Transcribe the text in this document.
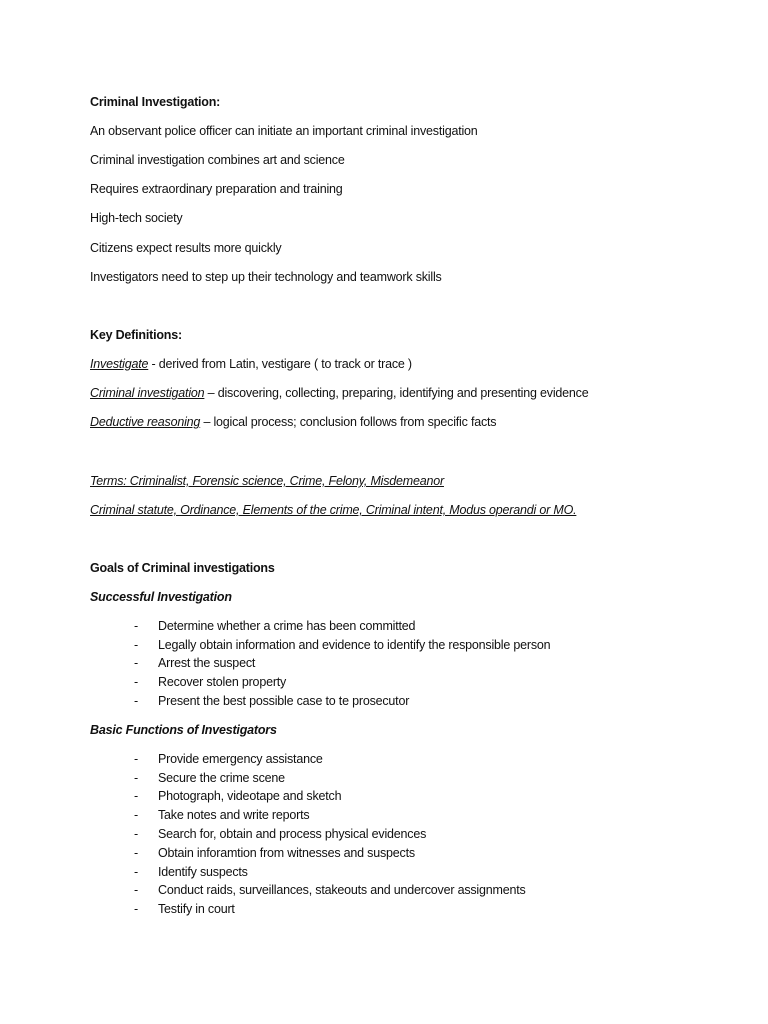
Criminal Investigation:
An observant police officer can initiate an important criminal investigation
Criminal investigation combines art and science
Requires extraordinary preparation and training
High-tech society
Citizens expect results more quickly
Investigators need to step up their technology and teamwork skills
Key Definitions:
Investigate - derived from Latin, vestigare ( to track or trace )
Criminal investigation – discovering, collecting, preparing, identifying and presenting evidence
Deductive reasoning – logical process; conclusion follows from specific facts
Terms: Criminalist, Forensic science, Crime, Felony, Misdemeanor
Criminal statute, Ordinance, Elements of the crime, Criminal intent, Modus operandi or MO.
Goals of Criminal investigations
Successful Investigation
- Determine whether a crime has been committed
- Legally obtain information and evidence to identify the responsible person
- Arrest the suspect
- Recover stolen property
- Present the best possible case to te prosecutor
Basic Functions of Investigators
- Provide emergency assistance
- Secure the crime scene
- Photograph, videotape and sketch
- Take notes and write reports
- Search for, obtain and process physical evidences
- Obtain inforamtion from witnesses and suspects
- Identify suspects
- Conduct raids, surveillances, stakeouts and undercover assignments
- Testify in court
